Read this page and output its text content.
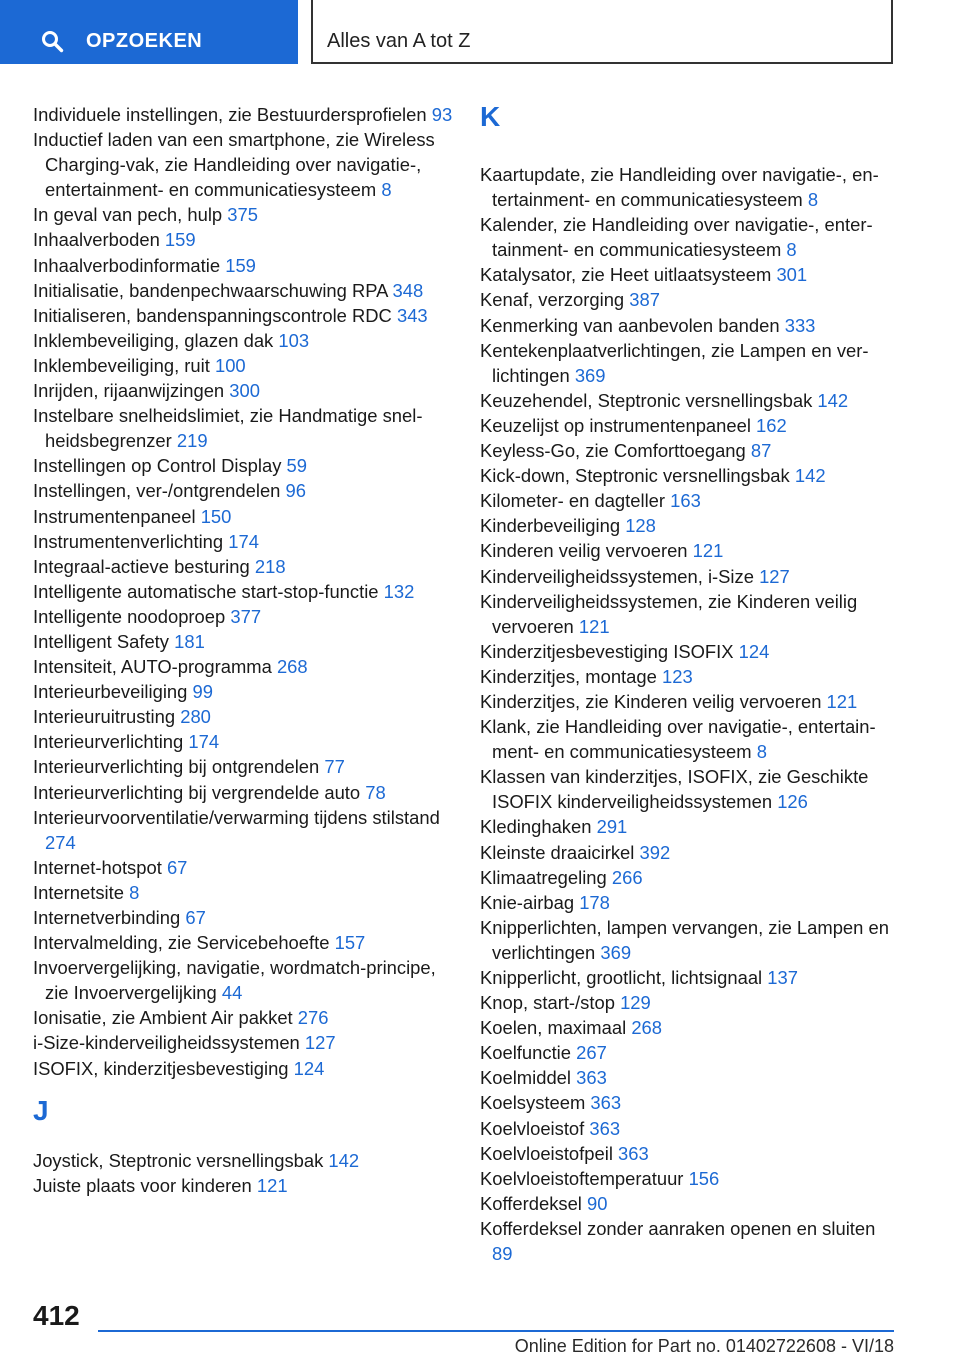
OPZOEKEN	Alles van A tot Z

Individuele instellingen, zie Bestuurdersprofielen 93

Inductief laden van een smartphone, zie Wireless Charging-vak, zie Handleiding over navigatie-, entertainment- en communicatiesysteem 8

In geval van pech, hulp 375

Inhaalverboden 159

Inhaalverbodinformatie 159

Initialisatie, bandenpechwaarschuwing RPA 348

Initialiseren, bandenspanningscontrole RDC 343

Inklembeveiliging, glazen dak 103

Inklembeveiliging, ruit 100

Inrijden, rijaanwijzingen 300

Instelbare snelheidslimiet, zie Handmatige snelheidsbegrenzer 219

Instellingen op Control Display 59

Instellingen, ver-/ontgrendelen 96

Instrumentenpaneel 150

Instrumentenverlichting 174

Integraal-actieve besturing 218

Intelligente automatische start-stop-functie 132

Intelligente noodoproep 377

Intelligent Safety 181

Intensiteit, AUTO-programma 268

Interieurbeveiliging 99

Interieuruitrusting 280

Interieurverlichting 174

Interieurverlichting bij ontgrendelen 77

Interieurverlichting bij vergrendelde auto 78

Interieurvoorventilatie/verwarming tijdens stilstand 274

Internet-hotspot 67

Internetsite 8

Internetverbinding 67

Intervalmelding, zie Servicebehoefte 157

Invoervergelijking, navigatie, wordmatch-principe, zie Invoervergelijking 44

Ionisatie, zie Ambient Air pakket 276

i-Size-kinderveiligheidssystemen 127

ISOFIX, kinderzitjesbevestiging 124

J

Joystick, Steptronic versnellingsbak 142

Juiste plaats voor kinderen 121

K

Kaartupdate, zie Handleiding over navigatie-, entertainment- en communicatiesysteem 8

Kalender, zie Handleiding over navigatie-, entertainment- en communicatiesysteem 8

Katalysator, zie Heet uitlaatsysteem 301

Kenaf, verzorging 387

Kenmerking van aanbevolen banden 333

Kentekenplaatverlichtingen, zie Lampen en verlichtingen 369

Keuzehendel, Steptronic versnellingsbak 142

Keuzelijst op instrumentenpaneel 162

Keyless-Go, zie Comforttoegang 87

Kick-down, Steptronic versnellingsbak 142

Kilometer- en dagteller 163

Kinderbeveiliging 128

Kinderen veilig vervoeren 121

Kinderveiligheidssystemen, i-Size 127

Kinderveiligheidssystemen, zie Kinderen veilig vervoeren 121

Kinderzitjesbevestiging ISOFIX 124

Kinderzitjes, montage 123

Kinderzitjes, zie Kinderen veilig vervoeren 121

Klank, zie Handleiding over navigatie-, entertainment- en communicatiesysteem 8

Klassen van kinderzitjes, ISOFIX, zie Geschikte ISOFIX kinderveiligheidssystemen 126

Kledinghaken 291

Kleinste draaicirkel 392

Klimaatregeling 266

Knie-airbag 178

Knipperlichten, lampen vervangen, zie Lampen en verlichtingen 369

Knipperlicht, grootlicht, lichtsignaal 137

Knop, start-/stop 129

Koelen, maximaal 268

Koelfunctie 267

Koelmiddel 363

Koelsysteem 363

Koelvloeistof 363

Koelvloeistofpeil 363

Koelvloeistoftemperatuur 156

Kofferdeksel 90

Kofferdeksel zonder aanraken openen en sluiten 89

412
Online Edition for Part no. 01402722608 - VI/18
